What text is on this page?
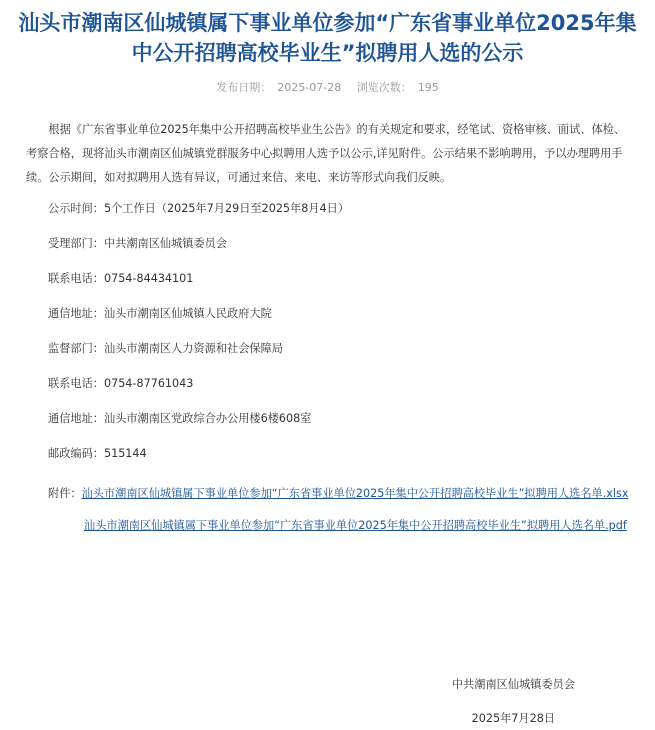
汕头市潮南区仙城镇属下事业单位参加“广东省事业单位2025年集中公开招聘高校毕业生”拟聘用人选的公示
发布日期： 2025-07-28 浏览次数： 195

根据《广东省事业单位2025年集中公开招聘高校毕业生公告》的有关规定和要求，经笔试、资格审核、面试、体检、考察合格，现将汕头市潮南区仙城镇党群服务中心拟聘用人选予以公示,详见附件。公示结果不影响聘用，予以办理聘用手续。公示期间，如对拟聘用人选有异议，可通过来信、来电、来访等形式向我们反映。

公示时间：5个工作日（2025年7月29日至2025年8月4日）
受理部门：中共潮南区仙城镇委员会
联系电话：0754-84434101
通信地址：汕头市潮南区仙城镇人民政府大院
监督部门：汕头市潮南区人力资源和社会保障局
联系电话：0754-87761043
通信地址：汕头市潮南区党政综合办公用楼6楼608室
邮政编码：515144
附件：汕头市潮南区仙城镇属下事业单位参加“广东省事业单位2025年集中公开招聘高校毕业生”拟聘用人选名单.xlsx
汕头市潮南区仙城镇属下事业单位参加“广东省事业单位2025年集中公开招聘高校毕业生”拟聘用人选名单.pdf
中共潮南区仙城镇委员会
2025年7月28日
